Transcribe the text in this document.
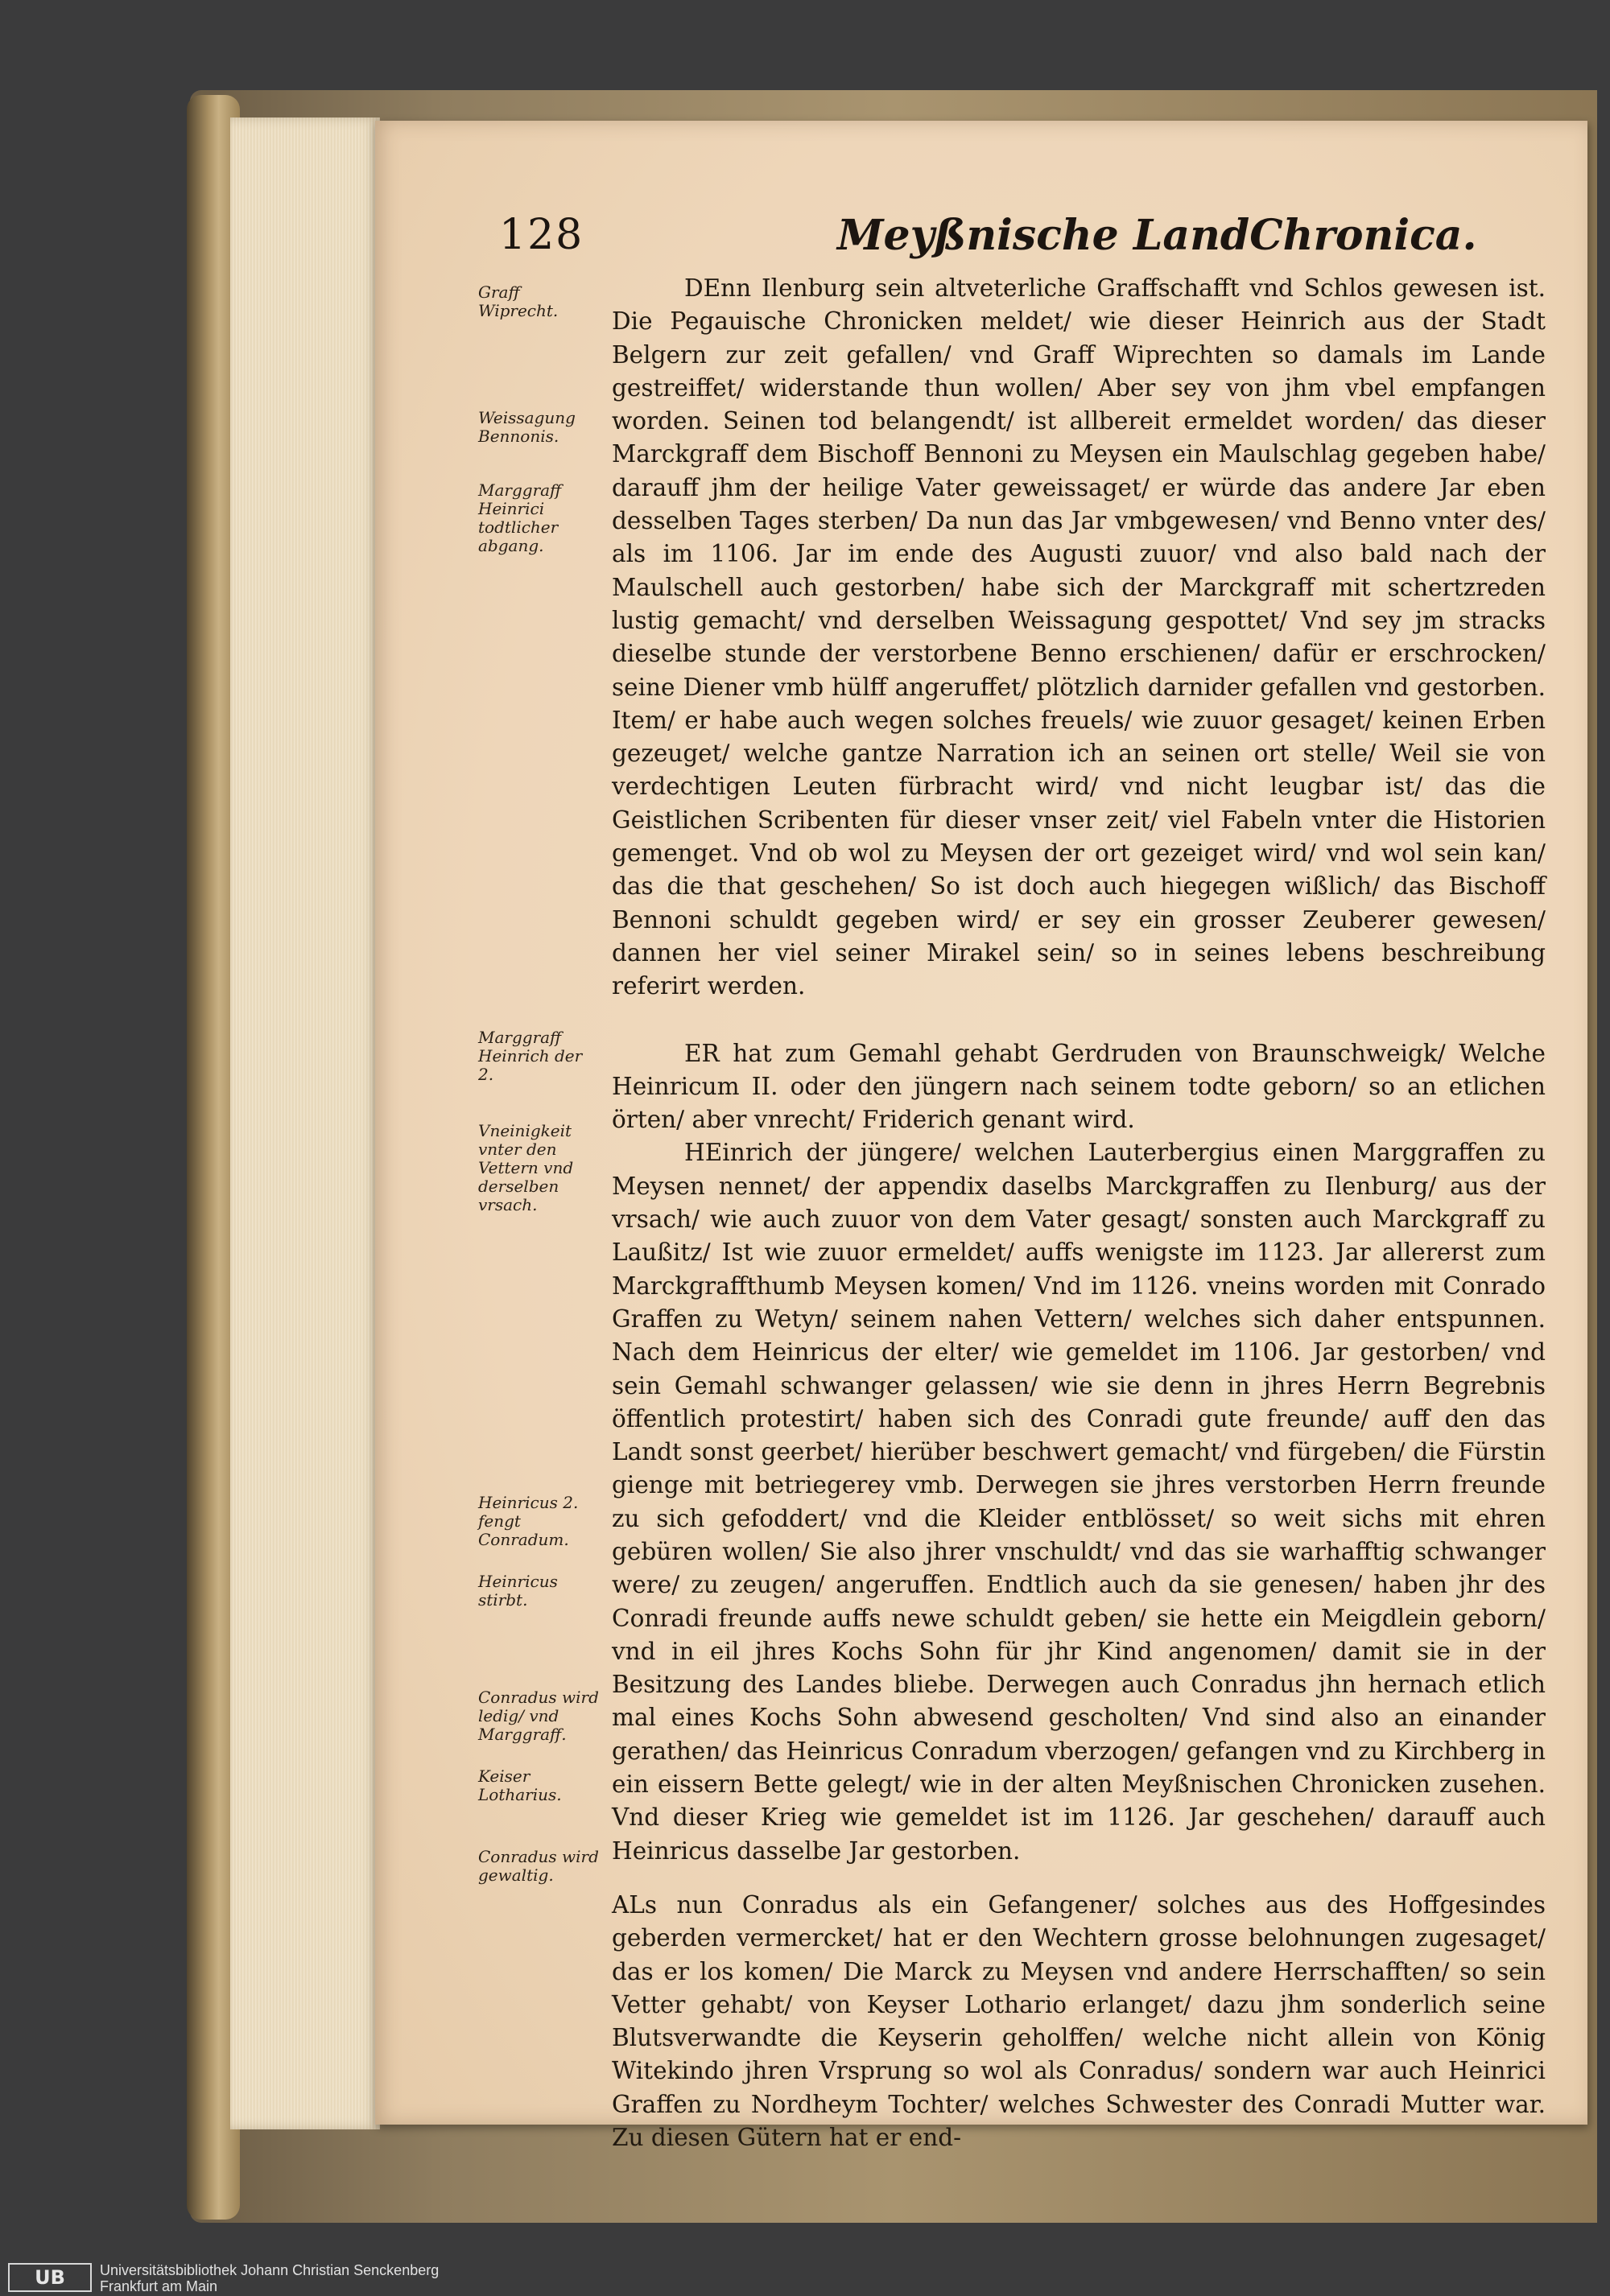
128	Meyßnische LandChronica.
Graff Wiprecht.
Weissagung Bennonis.
Marggraff Heinrici todtlicher abgang.
Marggraff Heinrich der 2.
Vneinigkeit vnter den Vettern vnd derselben vrsach.
Heinricus 2. fengt Conradum.
Heinricus stirbt.
Conradus wird ledig/ vnd Marggraff.
Keiser Lotharius.
Conradus wird gewaltig.

DEnn Ilenburg sein altveterliche Graffschafft vnd Schlos gewesen ist. Die Pegauische Chronicken meldet/ wie dieser Heinrich aus der Stadt Belgern zur zeit gefallen/ vnd Graff Wiprechten so damals im Lande gestreiffet/ widerstande thun wollen/ Aber sey von jhm vbel empfangen worden. Seinen tod belangendt/ ist allbereit ermeldet worden/ das dieser Marckgraff dem Bischoff Bennoni zu Meysen ein Maulschlag gegeben habe/ darauff jhm der heilige Vater geweissaget/ er würde das andere Jar eben desselben Tages sterben/ Da nun das Jar vmbgewesen/ vnd Benno vnter des/ als im 1106. Jar im ende des Augusti zuuor/ vnd also bald nach der Maulschell auch gestorben/ habe sich der Marckgraff mit schertzreden lustig gemacht/ vnd derselben Weissagung gespottet/ Vnd sey jm stracks dieselbe stunde der verstorbene Benno erschienen/ dafür er erschrocken/ seine Diener vmb hülff angeruffet/ plötzlich darnider gefallen vnd gestorben. Item/ er habe auch wegen solches freuels/ wie zuuor gesaget/ keinen Erben gezeuget/ welche gantze Narration ich an seinen ort stelle/ Weil sie von verdechtigen Leuten fürbracht wird/ vnd nicht leugbar ist/ das die Geistlichen Scribenten für dieser vnser zeit/ viel Fabeln vnter die Historien gemenget. Vnd ob wol zu Meysen der ort gezeiget wird/ vnd wol sein kan/ das die that geschehen/ So ist doch auch hiegegen wißlich/ das Bischoff Bennoni schuldt gegeben wird/ er sey ein grosser Zeuberer gewesen/ dannen her viel seiner Mirakel sein/ so in seines lebens beschreibung referirt werden.

ER hat zum Gemahl gehabt Gerdruden von Braunschweigk/ Welche Heinricum II. oder den jüngern nach seinem todte geborn/ so an etlichen örten/ aber vnrecht/ Friderich genant wird.

HEinrich der jüngere/ welchen Lauterbergius einen Marggraffen zu Meysen nennet/ der appendix daselbs Marckgraffen zu Ilenburg/ aus der vrsach/ wie auch zuuor von dem Vater gesagt/ sonsten auch Marckgraff zu Laußitz/ Ist wie zuuor ermeldet/ auffs wenigste im 1123. Jar allererst zum Marckgraffthumb Meysen komen/ Vnd im 1126. vneins worden mit Conrado Graffen zu Wetyn/ seinem nahen Vettern/ welches sich daher entspunnen. Nach dem Heinricus der elter/ wie gemeldet im 1106. Jar gestorben/ vnd sein Gemahl schwanger gelassen/ wie sie denn in jhres Herrn Begrebnis öffentlich protestirt/ haben sich des Conradi gute freunde/ auff den das Landt sonst geerbet/ hierüber beschwert gemacht/ vnd fürgeben/ die Fürstin gienge mit betriegerey vmb. Derwegen sie jhres verstorben Herrn freunde zu sich gefoddert/ vnd die Kleider entblösset/ so weit sichs mit ehren gebüren wollen/ Sie also jhrer vnschuldt/ vnd das sie warhafftig schwanger were/ zu zeugen/ angeruffen. Endtlich auch da sie genesen/ haben jhr des Conradi freunde auffs newe schuldt geben/ sie hette ein Meigdlein geborn/ vnd in eil jhres Kochs Sohn für jhr Kind angenomen/ damit sie in der Besitzung des Landes bliebe. Derwegen auch Conradus jhn hernach etlich mal eines Kochs Sohn abwesend gescholten/ Vnd sind also an einander gerathen/ das Heinricus Conradum vberzogen/ gefangen vnd zu Kirchberg in ein eissern Bette gelegt/ wie in der alten Meyßnischen Chronicken zusehen. Vnd dieser Krieg wie gemeldet ist im 1126. Jar geschehen/ darauff auch Heinricus dasselbe Jar gestorben.

ALs nun Conradus als ein Gefangener/ solches aus des Hoffgesindes geberden vermercket/ hat er den Wechtern grosse belohnungen zugesaget/ das er los komen/ Die Marck zu Meysen vnd andere Herrschafften/ so sein Vetter gehabt/ von Keyser Lothario erlanget/ dazu jhm sonderlich seine Blutsverwandte die Keyserin geholffen/ welche nicht allein von König Witekindo jhren Vrsprung so wol als Conradus/ sondern war auch Heinrici Graffen zu Nordheym Tochter/ welches Schwester des Conradi Mutter war. Zu diesen Gütern hat er end-

UB	Universitätsbibliothek Johann Christian Senckenberg
Frankfurt am Main
